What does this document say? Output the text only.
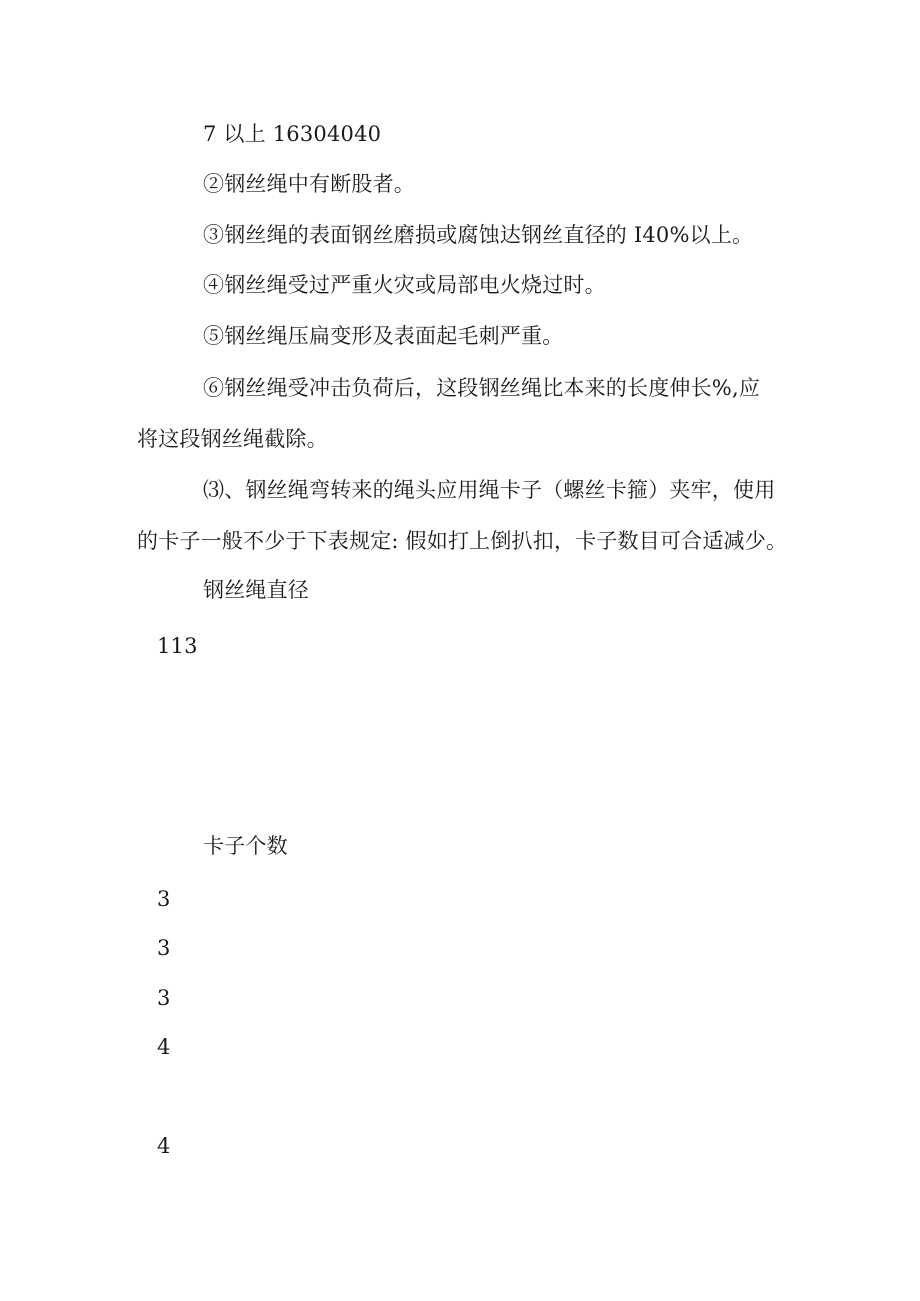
7 以上 16304040
②钢丝绳中有断股者。
③钢丝绳的表面钢丝磨损或腐蚀达钢丝直径的 I40%以上。
④钢丝绳受过严重火灾或局部电火烧过时。
⑤钢丝绳压扁变形及表面起毛刺严重。
⑥钢丝绳受冲击负荷后，这段钢丝绳比本来的长度伸长%,应
将这段钢丝绳截除。
⑶、钢丝绳弯转来的绳头应用绳卡子（螺丝卡箍）夹牢，使用
的卡子一般不少于下表规定: 假如打上倒扒扣，卡子数目可合适减少。
钢丝绳直径
113
卡子个数
3
3
3
4
4
